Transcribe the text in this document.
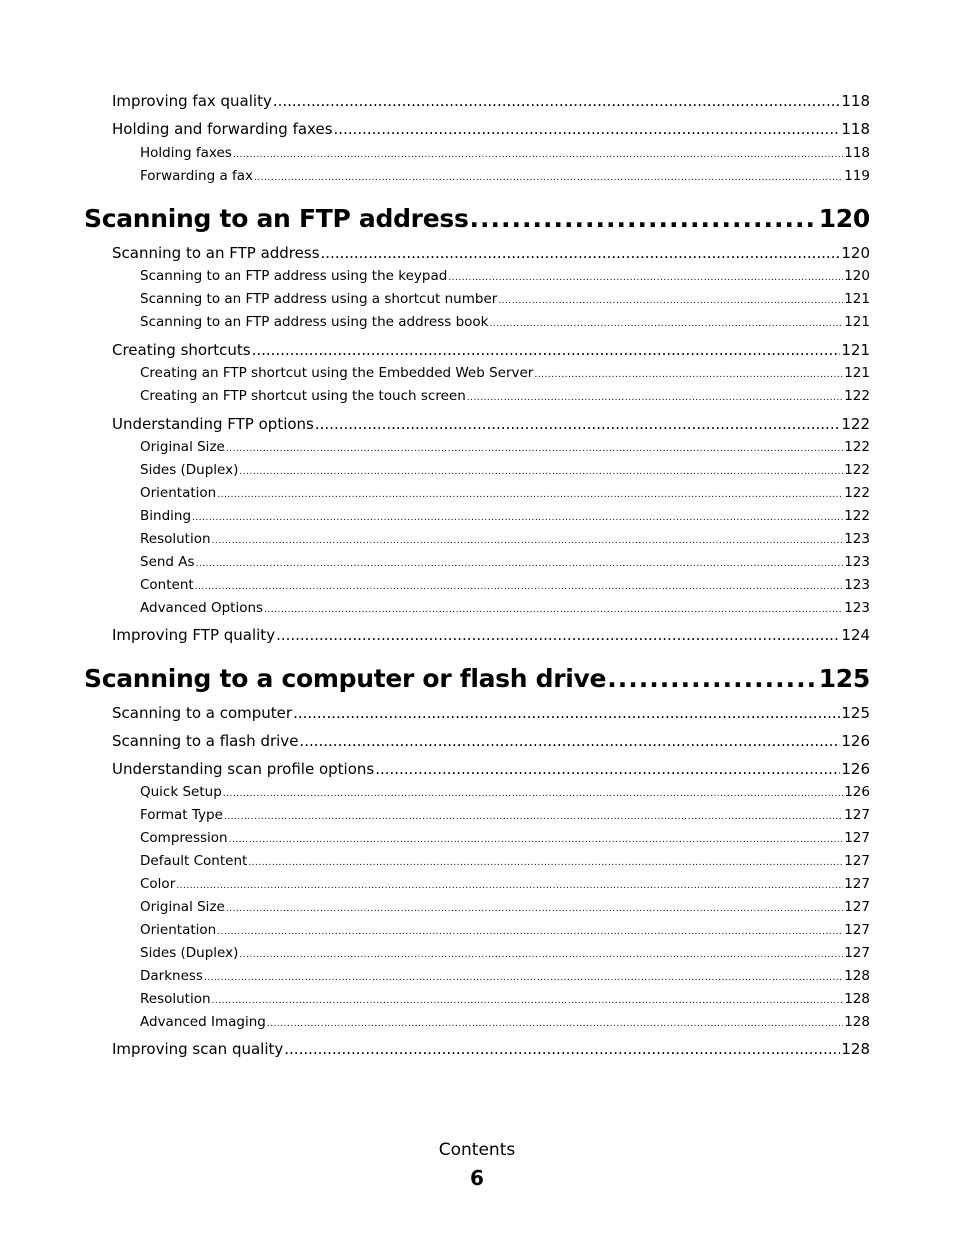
Improving fax quality .....	118
Holding and forwarding faxes .....	118
Holding faxes .....	118
Forwarding a fax .....	119
Scanning to an FTP address .....	120
Scanning to an FTP address .....	120
Scanning to an FTP address using the keypad .....	120
Scanning to an FTP address using a shortcut number .....	121
Scanning to an FTP address using the address book .....	121
Creating shortcuts .....	121
Creating an FTP shortcut using the Embedded Web Server .....	121
Creating an FTP shortcut using the touch screen .....	122
Understanding FTP options .....	122
Original Size .....	122
Sides (Duplex) .....	122
Orientation .....	122
Binding .....	122
Resolution .....	123
Send As .....	123
Content .....	123
Advanced Options .....	123
Improving FTP quality .....	124
Scanning to a computer or flash drive .....	125
Scanning to a computer .....	125
Scanning to a flash drive .....	126
Understanding scan profile options .....	126
Quick Setup .....	126
Format Type .....	127
Compression .....	127
Default Content .....	127
Color .....	127
Original Size .....	127
Orientation .....	127
Sides (Duplex) .....	127
Darkness .....	128
Resolution .....	128
Advanced Imaging .....	128
Improving scan quality .....	128
Contents
6
